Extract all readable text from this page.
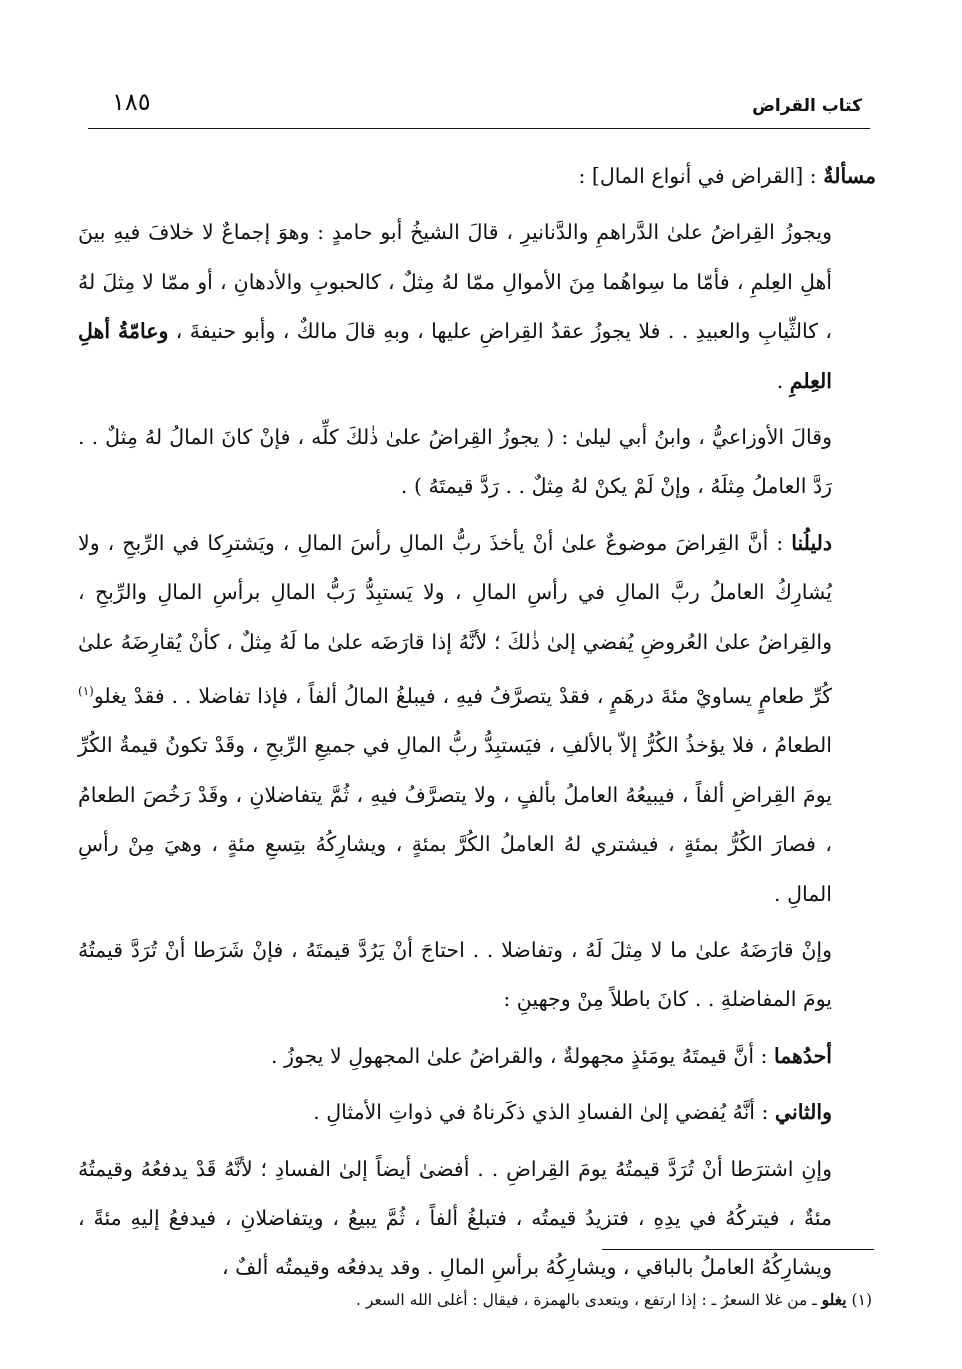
كتاب القراض
١٨٥

مسألةٌ : [القراض في أنواع المال] :

ويجوزُ القِراضُ علىٰ الدَّراهمِ والدَّنانيرِ ، قالَ الشيخُ أبو حامدٍ : وهوَ إجماعٌ لا خلافَ فيهِ بينَ أهلِ العِلمِ ، فأمّا ما سِواهُما مِنَ الأموالِ ممّا لهُ مِثلٌ ، كالحبوبِ والأدهانِ ، أو ممّا لا مِثلَ لهُ ، كالثِّيابِ والعبيدِ . . فلا يجوزُ عقدُ القِراضِ عليها ، وبهِ قالَ مالكٌ ، وأبو حنيفةَ ، وعامّةُ أهلِ العِلمِ .

وقالَ الأوزاعيُّ ، وابنُ أبي ليلىٰ : ( يجوزُ القِراضُ علىٰ ذٰلكَ كلِّه ، فإنْ كانَ المالُ لهُ مِثلٌ . . رَدَّ العاملُ مِثلَهُ ، وإنْ لَمْ يكنْ لهُ مِثلٌ . . رَدَّ قيمتَهُ ) .

دليلُنا : أنَّ القِراضَ موضوعٌ علىٰ أنْ يأخذَ ربُّ المالِ رأسَ المالِ ، ويَشترِكا في الرِّبحِ ، ولا يُشارِكُ العاملُ ربَّ المالِ في رأسِ المالِ ، ولا يَستبِدُّ رَبُّ المالِ برأسِ المالِ والرِّبحِ ، والقِراضُ علىٰ العُروضِ يُفضي إلىٰ ذٰلكَ ؛ لأنَّهُ إذا قارَضَه علىٰ ما لَهُ مِثلٌ ، كأنْ يُقارِضَهُ علىٰ كُرِّ طعامٍ يساويْ مئةَ درهَمٍ ، فقدْ يتصرَّفُ فيهِ ، فيبلغُ المالُ ألفاً ، فإذا تفاضلا . . فقدْ يغلو$^{(١)}$ الطعامُ ، فلا يؤخذُ الكُرُّ إلاّ بالألفِ ، فيَستبِدُّ ربُّ المالِ في جميعِ الرِّبحِ ، وقَدْ تكونُ قيمةُ الكُرِّ يومَ القِراضِ ألفاً ، فيبيعُهُ العاملُ بألفٍ ، ولا يتصرَّفُ فيهِ ، ثُمَّ يتفاضلانِ ، وقَدْ رَخُصَ الطعامُ ، فصارَ الكُرُّ بمئةٍ ، فيشتري لهُ العاملُ الكُرَّ بمئةٍ ، ويشارِكُهُ بتِسعِ مئةٍ ، وهيَ مِنْ رأسِ المالِ .

وإنْ قارَضَهُ علىٰ ما لا مِثلَ لَهُ ، وتفاضلا . . احتاجَ أنْ يَرُدَّ قيمتَهُ ، فإنْ شَرَطا أنْ تُرَدَّ قيمتُهُ يومَ المفاضلةِ . . كانَ باطلاً مِنْ وجهينِ :

أحدُهما : أنَّ قيمتَهُ يومَئذٍ مجهولةٌ ، والقراضُ علىٰ المجهولِ لا يجوزُ .

والثاني : أنَّهُ يُفضي إلىٰ الفسادِ الذي ذكَرناهُ في ذواتِ الأمثالِ .

وإنِ اشترَطا أنْ تُرَدَّ قيمتُهُ يومَ القِراضِ . . أفضىٰ أيضاً إلىٰ الفسادِ ؛ لأنَّهُ قَدْ يدفعُهُ وقيمتُهُ مئةٌ ، فيتركُهُ في يدِهِ ، فتزيدُ قيمتُه ، فتبلغُ ألفاً ، ثُمَّ يبيعُ ، ويتفاضلانِ ، فيدفعُ إليهِ مئةً ، ويشارِكُهُ العاملُ بالباقي ، ويشارِكُهُ برأسِ المالِ . وقد يدفعُه وقيمتُه ألفٌ ،

(١) يغلو ـ من غلا السعرُ ـ : إذا ارتفع ، ويتعدى بالهمزة ، فيقال : أغلى الله السعر .
